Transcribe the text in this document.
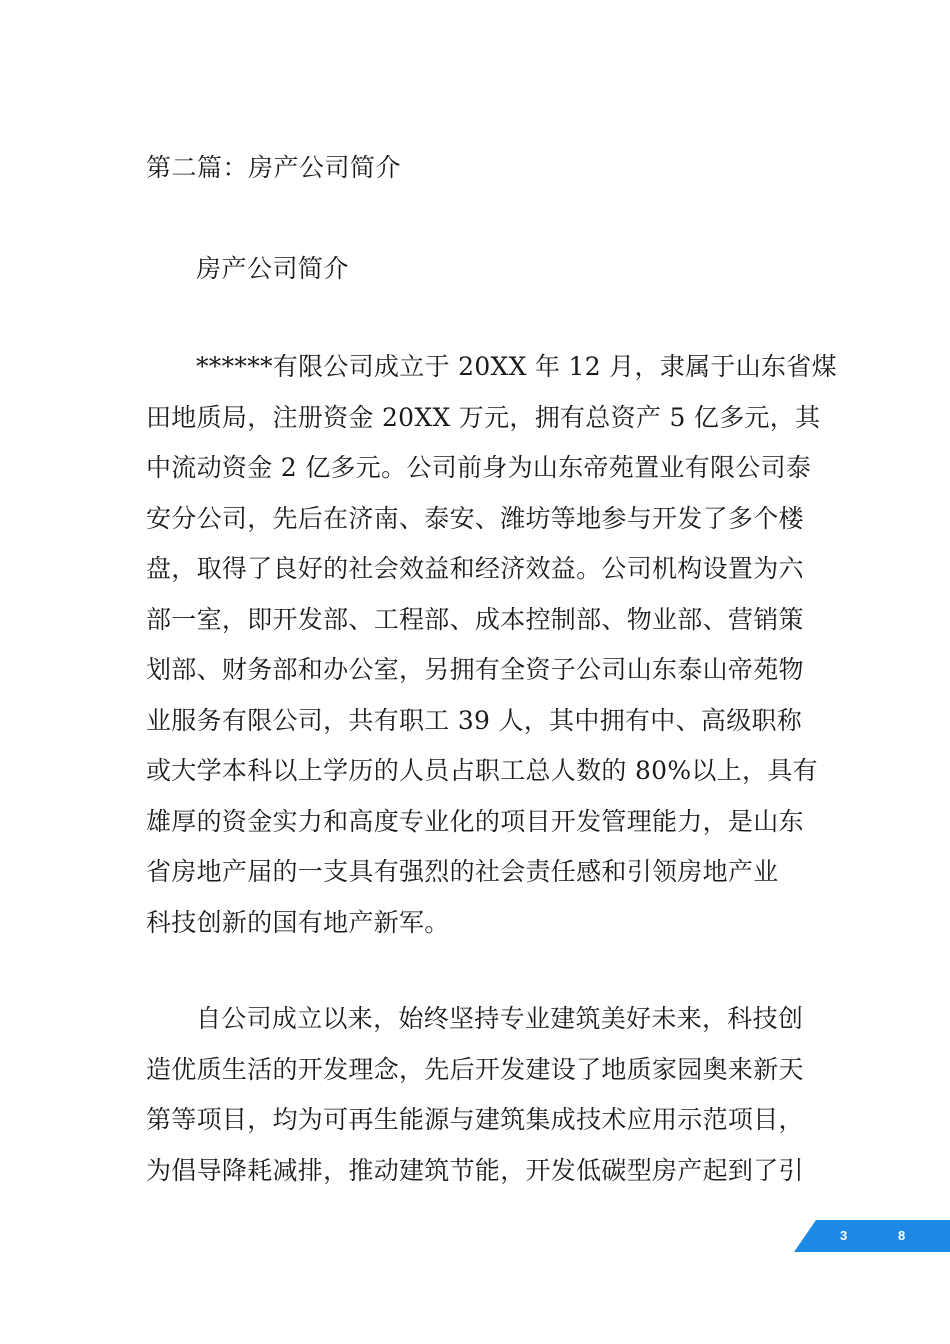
第二篇：房产公司简介
房产公司简介

******有限公司成立于 20XX 年 12 月，隶属于山东省煤
田地质局，注册资金 20XX 万元，拥有总资产 5 亿多元，其
中流动资金 2 亿多元。公司前身为山东帝苑置业有限公司泰
安分公司，先后在济南、泰安、潍坊等地参与开发了多个楼
盘，取得了良好的社会效益和经济效益。公司机构设置为六
部一室，即开发部、工程部、成本控制部、物业部、营销策
划部、财务部和办公室，另拥有全资子公司山东泰山帝苑物
业服务有限公司，共有职工 39 人，其中拥有中、高级职称
或大学本科以上学历的人员占职工总人数的 80%以上，具有
雄厚的资金实力和高度专业化的项目开发管理能力，是山东
省房地产届的一支具有强烈的社会责任感和引领房地产业
科技创新的国有地产新军。

自公司成立以来，始终坚持专业建筑美好未来，科技创
造优质生活的开发理念，先后开发建设了地质家园奥来新天
第等项目，均为可再生能源与建筑集成技术应用示范项目，
为倡导降耗减排，推动建筑节能，开发低碳型房产起到了引

3	8
